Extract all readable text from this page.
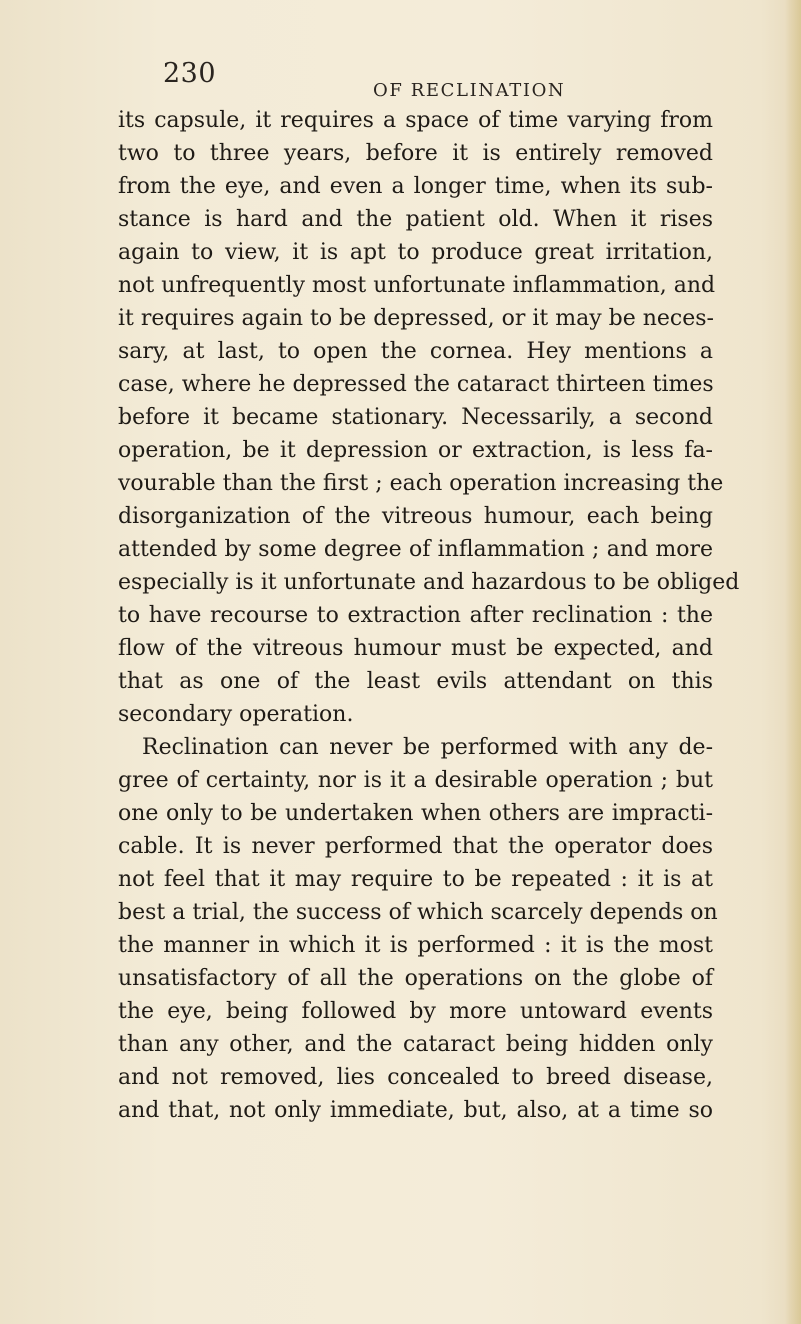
230

OF RECLINATION

its capsule, it requires a space of time varying from
two to three years, before it is entirely removed
from the eye, and even a longer time, when its sub-
stance is hard and the patient old. When it rises
again to view, it is apt to produce great irritation,
not unfrequently most unfortunate inflammation, and
it requires again to be depressed, or it may be neces-
sary, at last, to open the cornea. Hey mentions a
case, where he depressed the cataract thirteen times
before it became stationary. Necessarily, a second
operation, be it depression or extraction, is less fa-
vourable than the first ; each operation increasing the
disorganization of the vitreous humour, each being
attended by some degree of inflammation ; and more
especially is it unfortunate and hazardous to be obliged
to have recourse to extraction after reclination : the
flow of the vitreous humour must be expected, and
that as one of the least evils attendant on this
secondary operation.
Reclination can never be performed with any de-
gree of certainty, nor is it a desirable operation ; but
one only to be undertaken when others are impracti-
cable. It is never performed that the operator does
not feel that it may require to be repeated : it is at
best a trial, the success of which scarcely depends on
the manner in which it is performed : it is the most
unsatisfactory of all the operations on the globe of
the eye, being followed by more untoward events
than any other, and the cataract being hidden only
and not removed, lies concealed to breed disease,
and that, not only immediate, but, also, at a time so
